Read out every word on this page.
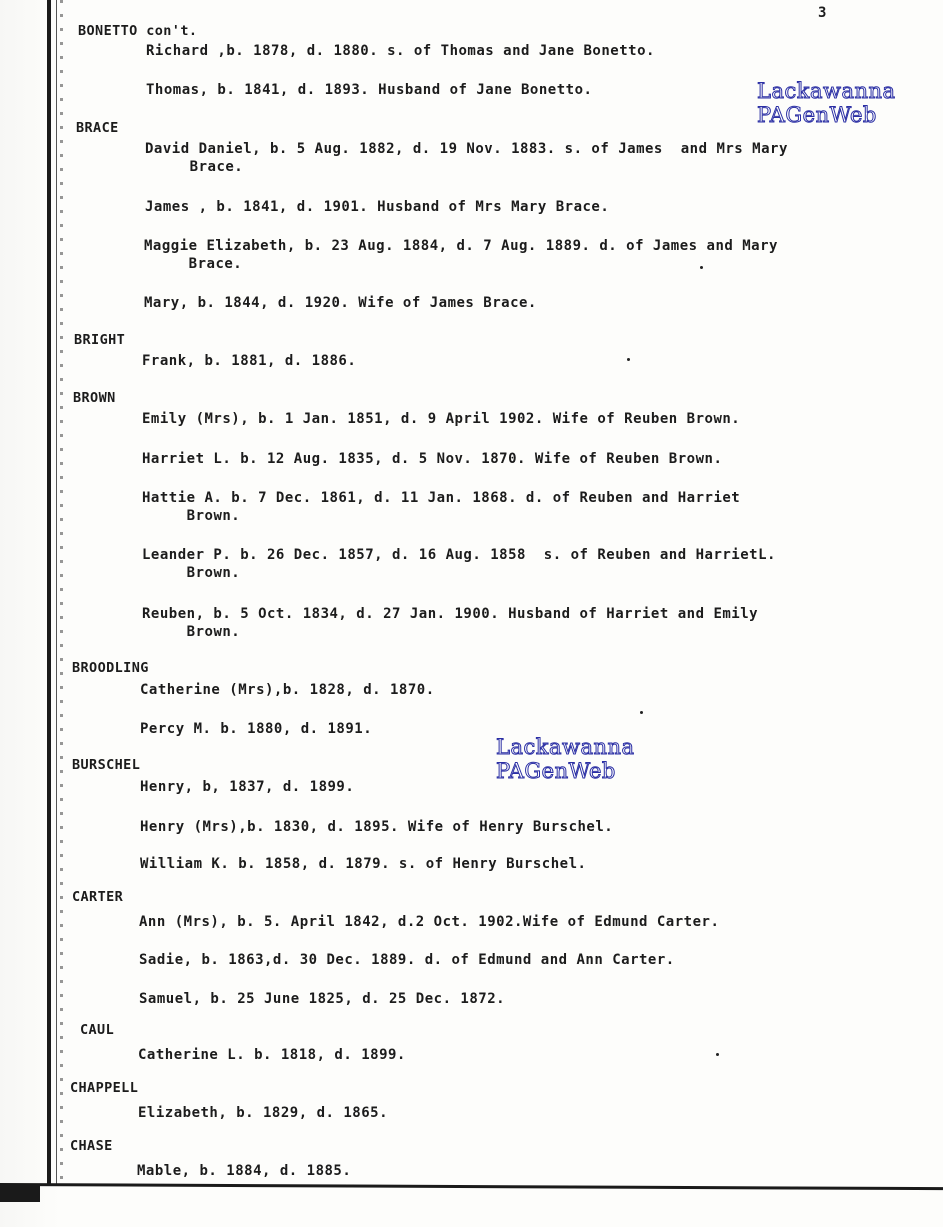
3
Lackawanna
PAGenWeb
Lackawanna
PAGenWeb
BONETTO con't.
BRACE
BRIGHT
BROWN
BROODLING
BURSCHEL
CARTER
CAUL
CHAPPELL
CHASE
Richard ,b. 1878, d. 1880. s. of Thomas and Jane Bonetto.
Thomas, b. 1841, d. 1893. Husband of Jane Bonetto.
David Daniel, b. 5 Aug. 1882, d. 19 Nov. 1883. s. of James  and Mrs Mary
Brace.
James , b. 1841, d. 1901. Husband of Mrs Mary Brace.
Maggie Elizabeth, b. 23 Aug. 1884, d. 7 Aug. 1889. d. of James and Mary
Brace.
Mary, b. 1844, d. 1920. Wife of James Brace.
Frank, b. 1881, d. 1886.
Emily (Mrs), b. 1 Jan. 1851, d. 9 April 1902. Wife of Reuben Brown.
Harriet L. b. 12 Aug. 1835, d. 5 Nov. 1870. Wife of Reuben Brown.
Hattie A. b. 7 Dec. 1861, d. 11 Jan. 1868. d. of Reuben and Harriet
Brown.
Leander P. b. 26 Dec. 1857, d. 16 Aug. 1858  s. of Reuben and HarrietL.
Brown.
Reuben, b. 5 Oct. 1834, d. 27 Jan. 1900. Husband of Harriet and Emily
Brown.
Catherine (Mrs),b. 1828, d. 1870.
Percy M. b. 1880, d. 1891.
Henry, b, 1837, d. 1899.
Henry (Mrs),b. 1830, d. 1895. Wife of Henry Burschel.
William K. b. 1858, d. 1879. s. of Henry Burschel.
Ann (Mrs), b. 5. April 1842, d.2 Oct. 1902.Wife of Edmund Carter.
Sadie, b. 1863,d. 30 Dec. 1889. d. of Edmund and Ann Carter.
Samuel, b. 25 June 1825, d. 25 Dec. 1872.
Catherine L. b. 1818, d. 1899.
Elizabeth, b. 1829, d. 1865.
Mable, b. 1884, d. 1885.
